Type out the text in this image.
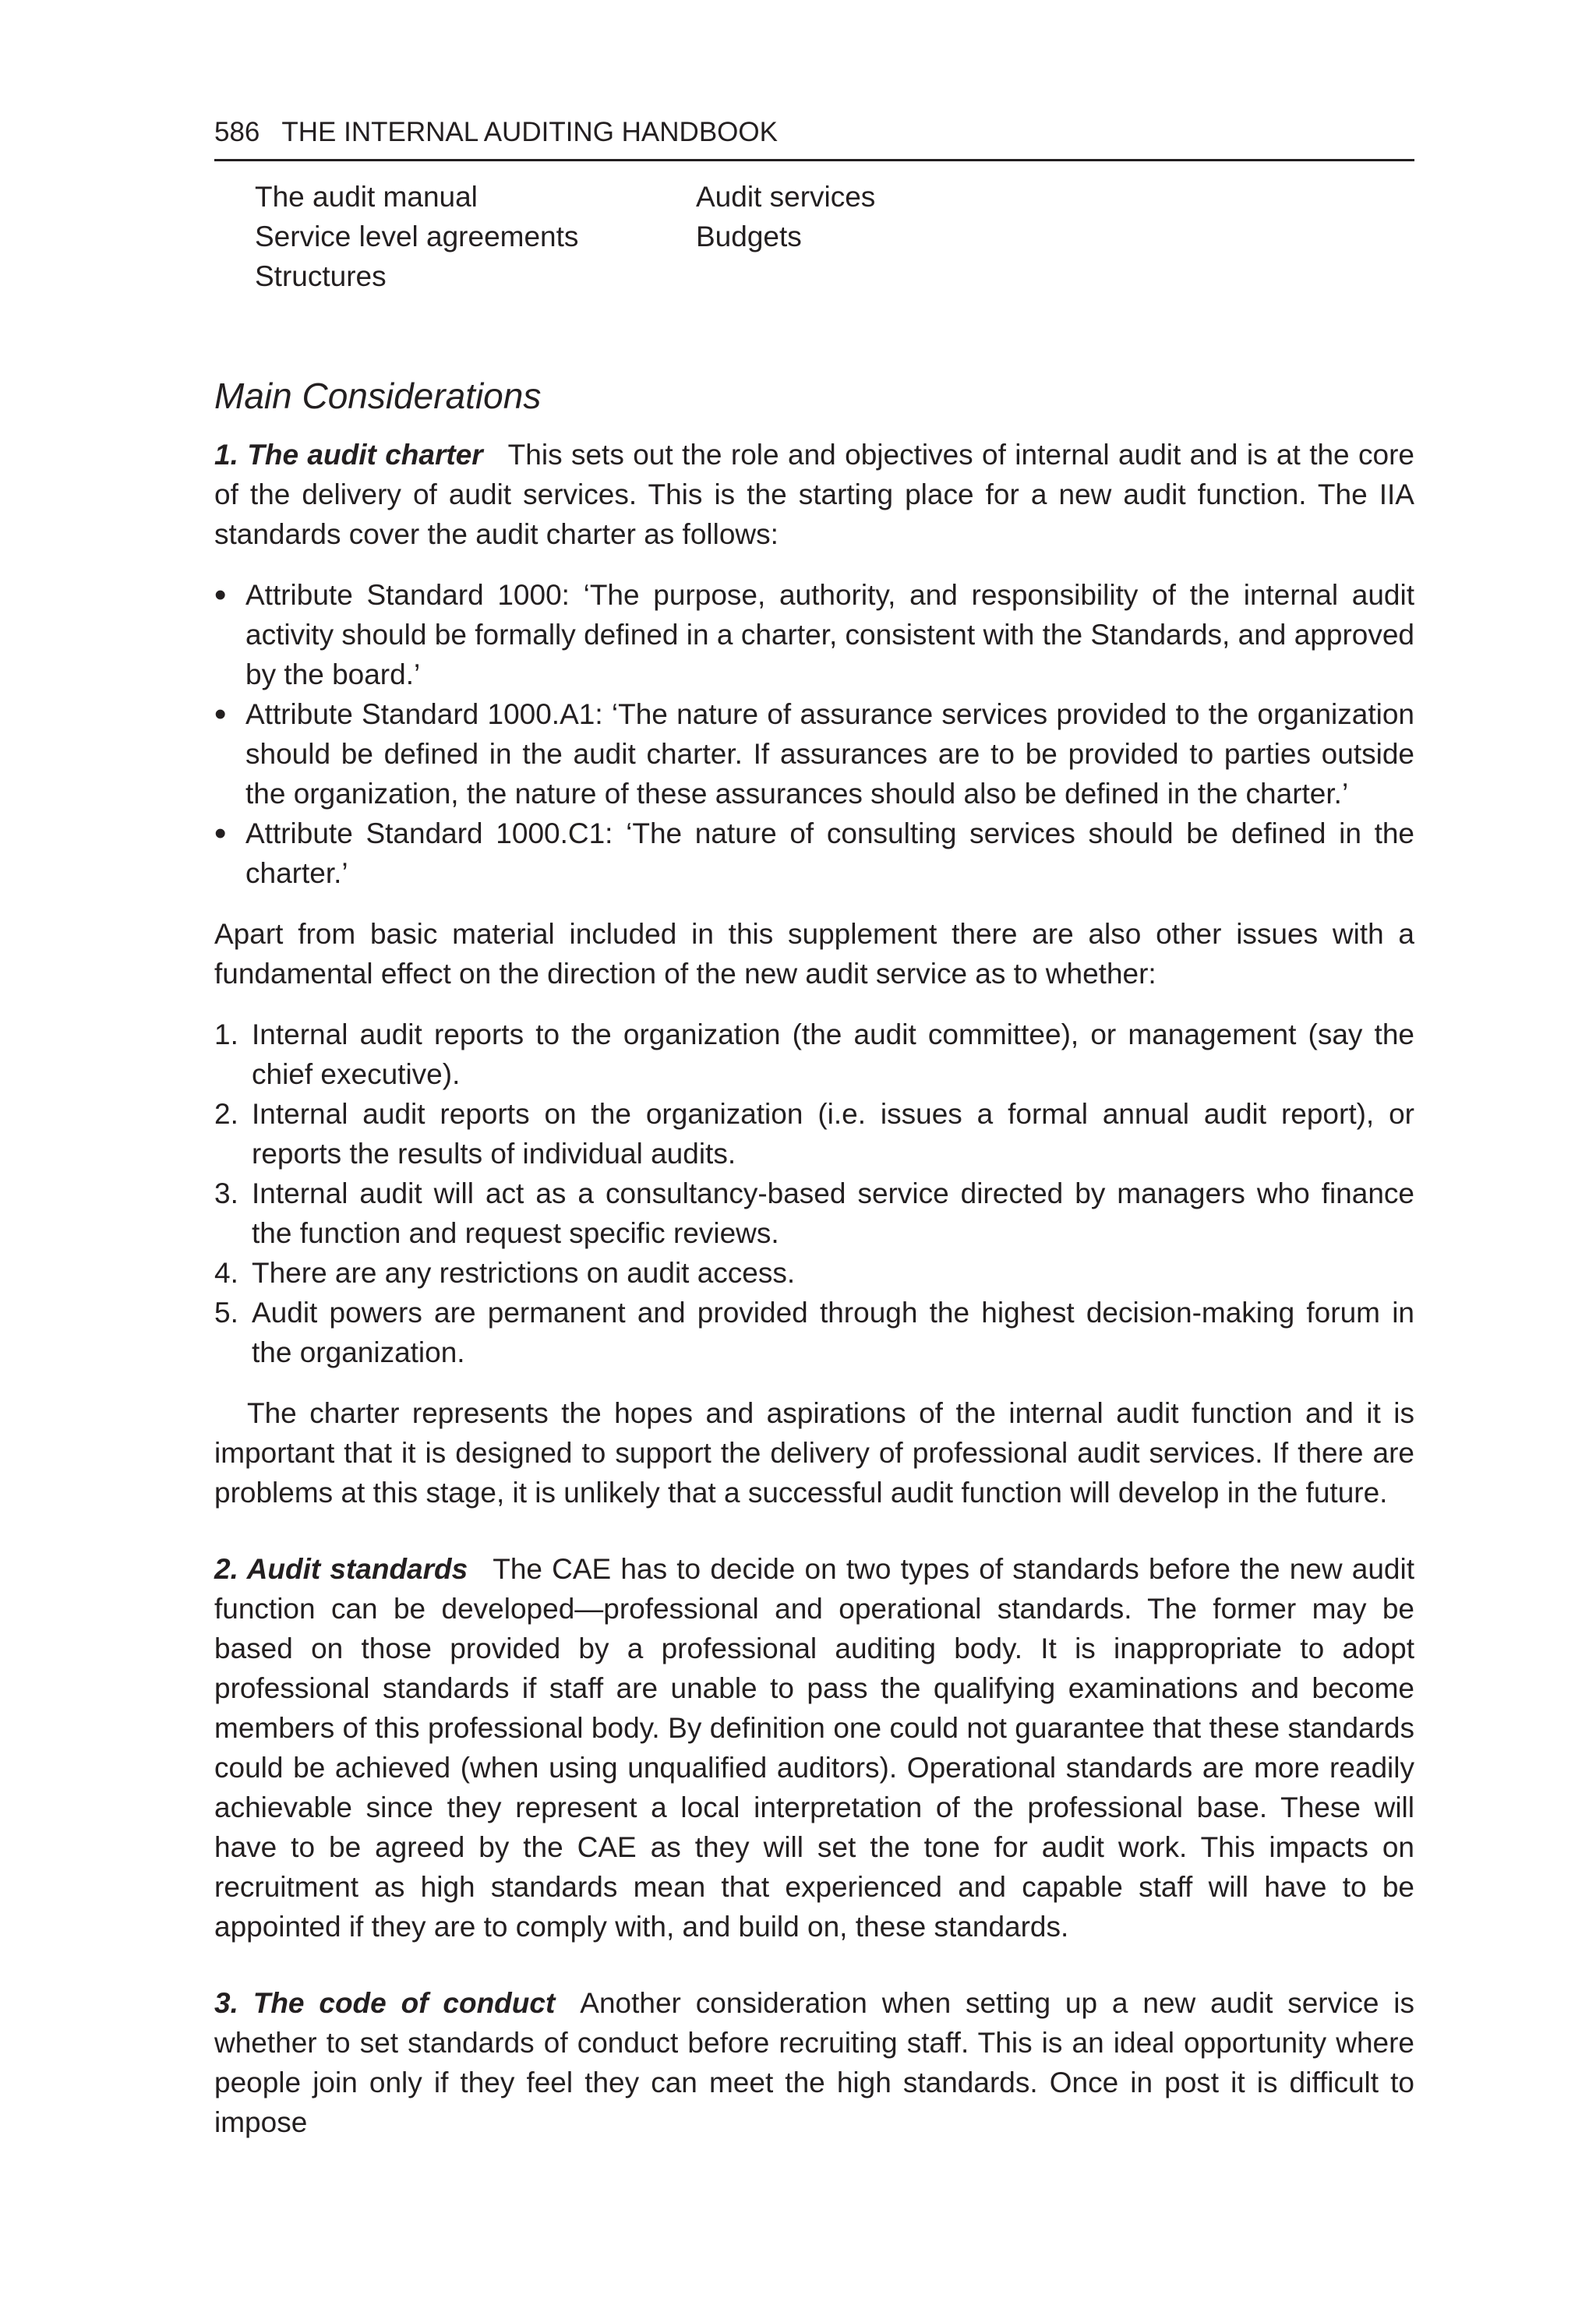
586 THE INTERNAL AUDITING HANDBOOK
The audit manual	Audit services
Service level agreements	Budgets
Structures
Main Considerations

1. The audit charter This sets out the role and objectives of internal audit and is at the core of the delivery of audit services. This is the starting place for a new audit function. The IIA standards cover the audit charter as follows:

• Attribute Standard 1000: ‘The purpose, authority, and responsibility of the internal audit activity should be formally defined in a charter, consistent with the Standards, and approved by the board.’
• Attribute Standard 1000.A1: ‘The nature of assurance services provided to the organization should be defined in the audit charter. If assurances are to be provided to parties outside the organization, the nature of these assurances should also be defined in the charter.’
• Attribute Standard 1000.C1: ‘The nature of consulting services should be defined in the charter.’

Apart from basic material included in this supplement there are also other issues with a fundamental effect on the direction of the new audit service as to whether:

1. Internal audit reports to the organization (the audit committee), or management (say the chief executive).
2. Internal audit reports on the organization (i.e. issues a formal annual audit report), or reports the results of individual audits.
3. Internal audit will act as a consultancy-based service directed by managers who finance the function and request specific reviews.
4. There are any restrictions on audit access.
5. Audit powers are permanent and provided through the highest decision-making forum in the organization.

The charter represents the hopes and aspirations of the internal audit function and it is important that it is designed to support the delivery of professional audit services. If there are problems at this stage, it is unlikely that a successful audit function will develop in the future.

2. Audit standards The CAE has to decide on two types of standards before the new audit function can be developed—professional and operational standards. The former may be based on those provided by a professional auditing body. It is inappropriate to adopt professional standards if staff are unable to pass the qualifying examinations and become members of this professional body. By definition one could not guarantee that these standards could be achieved (when using unqualified auditors). Operational standards are more readily achievable since they represent a local interpretation of the professional base. These will have to be agreed by the CAE as they will set the tone for audit work. This impacts on recruitment as high standards mean that experienced and capable staff will have to be appointed if they are to comply with, and build on, these standards.

3. The code of conduct Another consideration when setting up a new audit service is whether to set standards of conduct before recruiting staff. This is an ideal opportunity where people join only if they feel they can meet the high standards. Once in post it is difficult to impose
